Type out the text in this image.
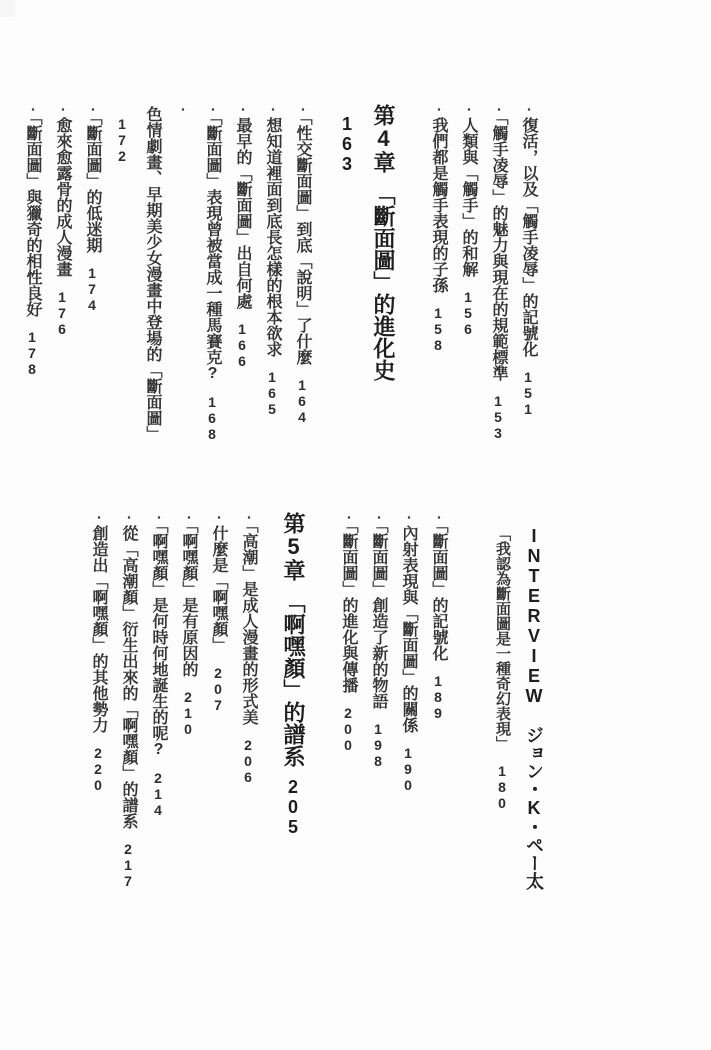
・復活，以及「觸手凌辱」的記號化151
・「觸手凌辱」的魅力與現在的規範標準153
・人類與「觸手」的和解156
・我們都是觸手表現的子孫158
第4章「斷面圖」的進化史163
・「性交斷面圖」到底「說明」了什麼164
・想知道裡面到底長怎樣的根本欲求165
・最早的「斷面圖」出自何處166
・「斷面圖」表現曾被當成一種馬賽克?168
・色情劇畫、早期美少女漫畫中登場的「斷面圖」172
・「斷面圖」的低迷期174
・愈來愈露骨的成人漫畫176
・「斷面圖」與獵奇的相性良好178
INTERVIEW ジョン・K・ペー太
「我認為斷面圖是一種奇幻表現」180
・「斷面圖」的記號化189
・內射表現與「斷面圖」的關係190
・「斷面圖」創造了新的物語198
・「斷面圖」的進化與傳播200
第5章「啊嘿顏」的譜系205
・「高潮」是成人漫畫的形式美206
・什麼是「啊嘿顏」207
・「啊嘿顏」是有原因的210
・「啊嘿顏」是何時何地誕生的呢?214
・從「高潮顏」衍生出來的「啊嘿顏」的譜系217
・創造出「啊嘿顏」的其他勢力220
